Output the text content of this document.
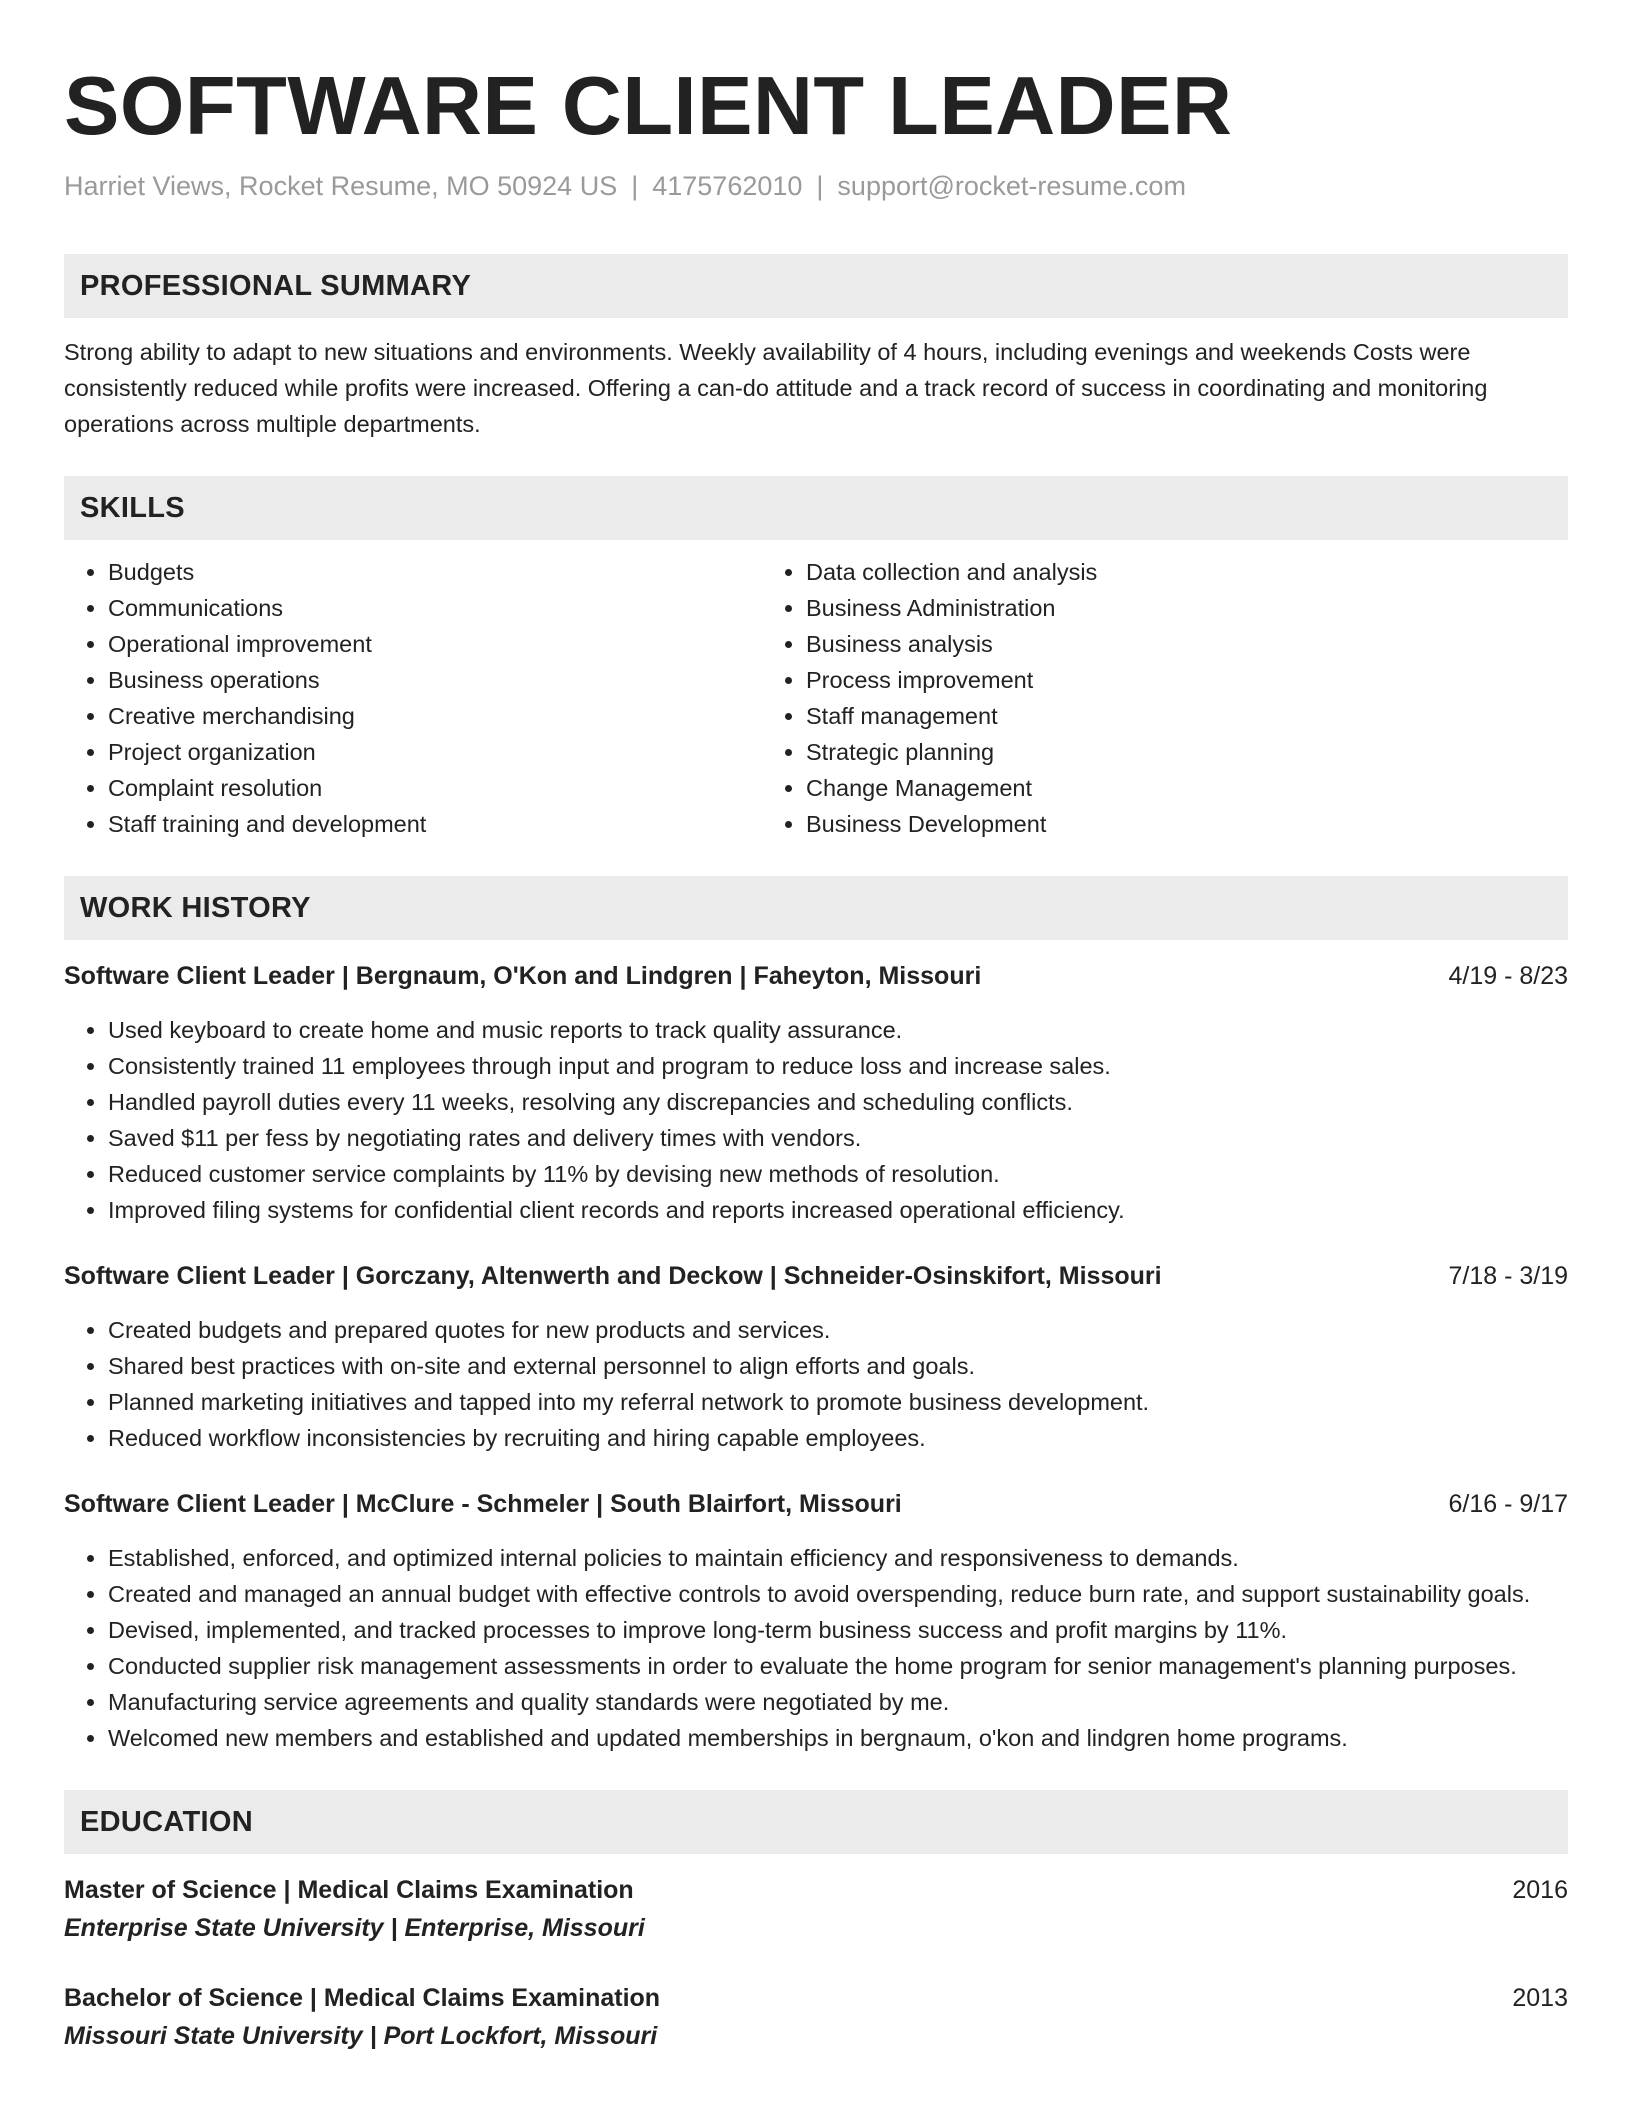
SOFTWARE CLIENT LEADER
Harriet Views, Rocket Resume, MO 50924 US | 4175762010 | support@rocket-resume.com
PROFESSIONAL SUMMARY

Strong ability to adapt to new situations and environments. Weekly availability of 4 hours, including evenings and weekends Costs were consistently reduced while profits were increased. Offering a can-do attitude and a track record of success in coordinating and monitoring operations across multiple departments.

SKILLS
• Budgets
• Communications
• Operational improvement
• Business operations
• Creative merchandising
• Project organization
• Complaint resolution
• Staff training and development
• Data collection and analysis
• Business Administration
• Business analysis
• Process improvement
• Staff management
• Strategic planning
• Change Management
• Business Development
WORK HISTORY
Software Client Leader | Bergnaum, O'Kon and Lindgren | Faheyton, Missouri	4/19 - 8/23
• Used keyboard to create home and music reports to track quality assurance.
• Consistently trained 11 employees through input and program to reduce loss and increase sales.
• Handled payroll duties every 11 weeks, resolving any discrepancies and scheduling conflicts.
• Saved $11 per fess by negotiating rates and delivery times with vendors.
• Reduced customer service complaints by 11% by devising new methods of resolution.
• Improved filing systems for confidential client records and reports increased operational efficiency.
Software Client Leader | Gorczany, Altenwerth and Deckow | Schneider-Osinskifort, Missouri	7/18 - 3/19
• Created budgets and prepared quotes for new products and services.
• Shared best practices with on-site and external personnel to align efforts and goals.
• Planned marketing initiatives and tapped into my referral network to promote business development.
• Reduced workflow inconsistencies by recruiting and hiring capable employees.
Software Client Leader | McClure - Schmeler | South Blairfort, Missouri	6/16 - 9/17
• Established, enforced, and optimized internal policies to maintain efficiency and responsiveness to demands.
• Created and managed an annual budget with effective controls to avoid overspending, reduce burn rate, and support sustainability goals.
• Devised, implemented, and tracked processes to improve long-term business success and profit margins by 11%.
• Conducted supplier risk management assessments in order to evaluate the home program for senior management's planning purposes.
• Manufacturing service agreements and quality standards were negotiated by me.
• Welcomed new members and established and updated memberships in bergnaum, o'kon and lindgren home programs.
EDUCATION
Master of Science | Medical Claims Examination	2016
Enterprise State University | Enterprise, Missouri
Bachelor of Science | Medical Claims Examination	2013
Missouri State University | Port Lockfort, Missouri
